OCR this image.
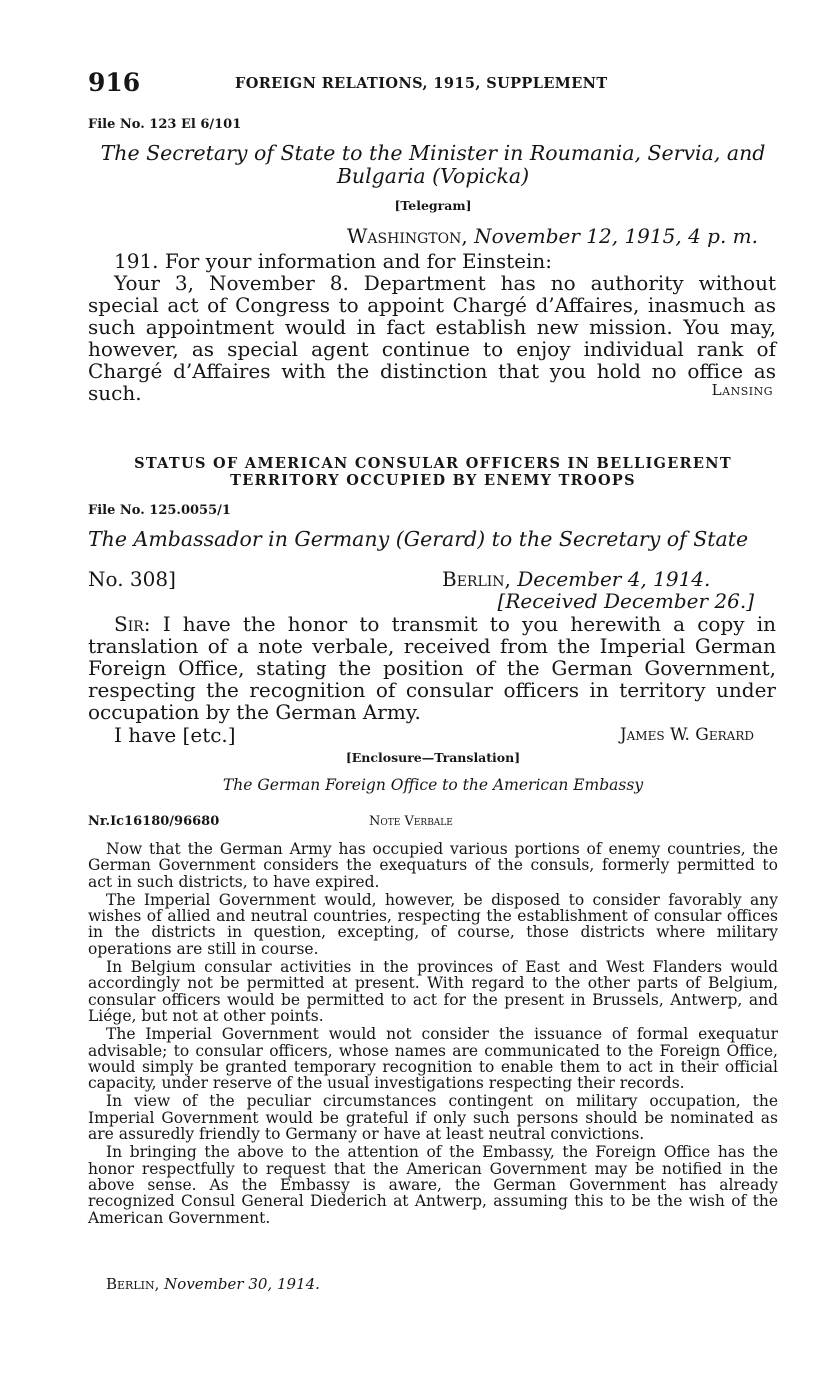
916	FOREIGN RELATIONS, 1915, SUPPLEMENT
File No. 123 El 6/101
The Secretary of State to the Minister in Roumania, Servia, and
Bulgaria (Vopicka)
[Telegram]
Washington, November 12, 1915, 4 p. m.
191. For your information and for Einstein:
Your 3, November 8. Department has no authority without special act of Congress to appoint Chargé d’Affaires, inasmuch as such appointment would in fact establish new mission. You may, however, as special agent continue to enjoy individual rank of Chargé d’Affaires with the distinction that you hold no office as such.	Lansing
STATUS OF AMERICAN CONSULAR OFFICERS IN BELLIGERENT
TERRITORY OCCUPIED BY ENEMY TROOPS
File No. 125.0055/1
The Ambassador in Germany (Gerard) to the Secretary of State
No. 308]	Berlin, December 4, 1914.
[Received December 26.]
Sir: I have the honor to transmit to you herewith a copy in translation of a note verbale, received from the Imperial German Foreign Office, stating the position of the German Government, respecting the recognition of consular officers in territory under occupation by the German Army.
I have [etc.]	James W. Gerard
[Enclosure—Translation]
The German Foreign Office to the American Embassy
Nr.Ic16180/96680	Note Verbale

Now that the German Army has occupied various portions of enemy countries, the German Government considers the exequaturs of the consuls, formerly permitted to act in such districts, to have expired.

The Imperial Government would, however, be disposed to consider favorably any wishes of allied and neutral countries, respecting the establishment of consular offices in the districts in question, excepting, of course, those districts where military operations are still in course.

In Belgium consular activities in the provinces of East and West Flanders would accordingly not be permitted at present. With regard to the other parts of Belgium, consular officers would be permitted to act for the present in Brussels, Antwerp, and Liége, but not at other points.

The Imperial Government would not consider the issuance of formal exequatur advisable; to consular officers, whose names are communicated to the Foreign Office, would simply be granted temporary recognition to enable them to act in their official capacity, under reserve of the usual investigations respecting their records.

In view of the peculiar circumstances contingent on military occupation, the Imperial Government would be grateful if only such persons should be nominated as are assuredly friendly to Germany or have at least neutral convictions.

In bringing the above to the attention of the Embassy, the Foreign Office has the honor respectfully to request that the American Government may be notified in the above sense. As the Embassy is aware, the German Government has already recognized Consul General Diederich at Antwerp, assuming this to be the wish of the American Government.

Berlin, November 30, 1914.
